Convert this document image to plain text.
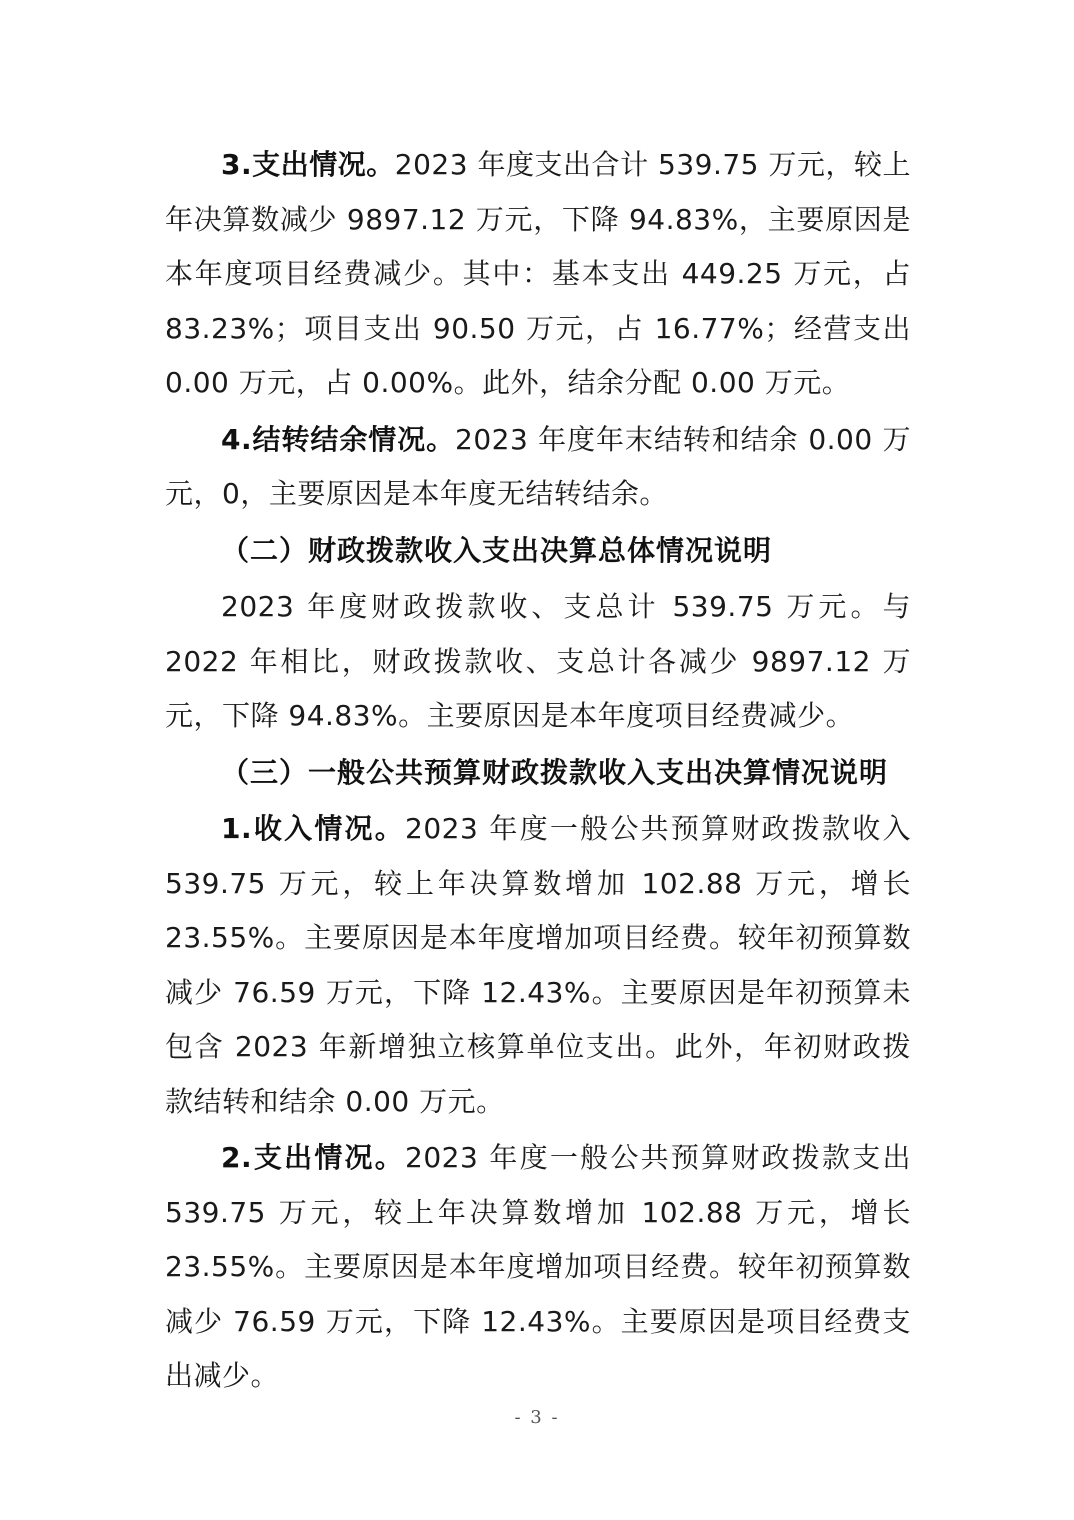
3.支出情况。2023 年度支出合计 539.75 万元，较上年决算数减少 9897.12 万元，下降 94.83%，主要原因是本年度项目经费减少。其中：基本支出 449.25 万元，占 83.23%；项目支出 90.50 万元，占 16.77%；经营支出 0.00 万元，占 0.00%。此外，结余分配 0.00 万元。

4.结转结余情况。2023 年度年末结转和结余 0.00 万元，0，主要原因是本年度无结转结余。

（二）财政拨款收入支出决算总体情况说明

2023 年度财政拨款收、支总计 539.75 万元。与 2022 年相比，财政拨款收、支总计各减少 9897.12 万元，下降 94.83%。主要原因是本年度项目经费减少。

（三）一般公共预算财政拨款收入支出决算情况说明

1.收入情况。2023 年度一般公共预算财政拨款收入 539.75 万元，较上年决算数增加 102.88 万元，增长 23.55%。主要原因是本年度增加项目经费。较年初预算数减少 76.59 万元，下降 12.43%。主要原因是年初预算未包含 2023 年新增独立核算单位支出。此外，年初财政拨款结转和结余 0.00 万元。

2.支出情况。2023 年度一般公共预算财政拨款支出 539.75 万元，较上年决算数增加 102.88 万元，增长 23.55%。主要原因是本年度增加项目经费。较年初预算数减少 76.59 万元，下降 12.43%。主要原因是项目经费支出减少。

- 3 -
